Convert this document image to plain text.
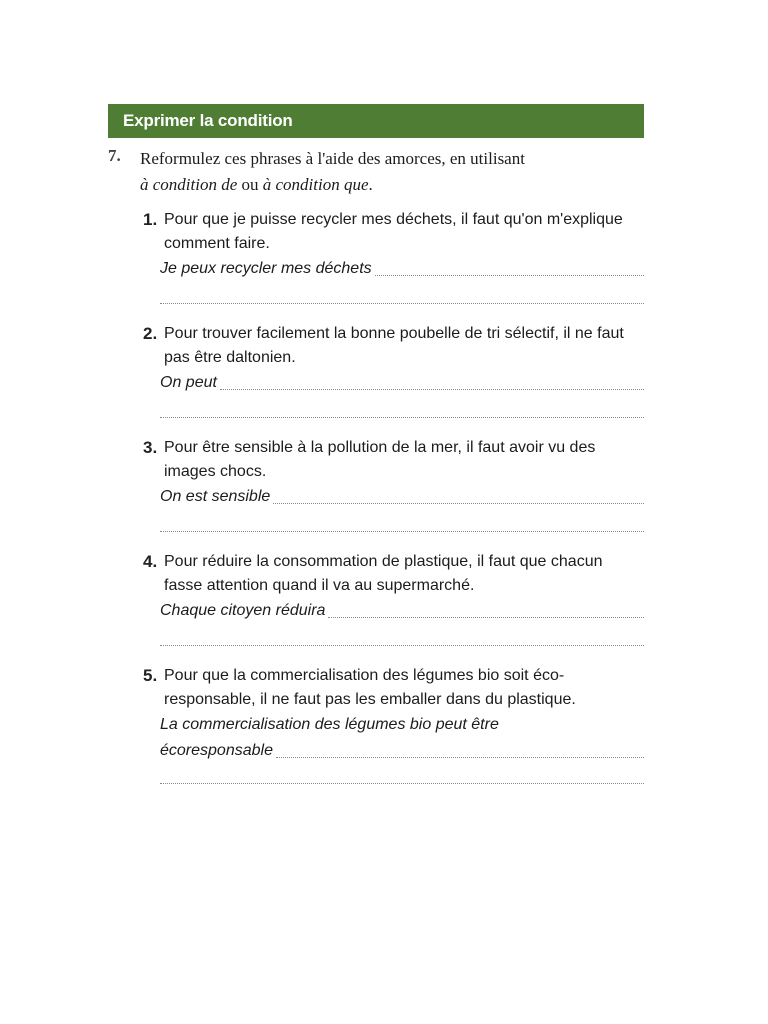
Exprimer la condition
7. Reformulez ces phrases à l'aide des amorces, en utilisant
à condition de ou à condition que.
1. Pour que je puisse recycler mes déchets, il faut qu'on m'explique comment faire.
Je peux recycler mes déchets
2. Pour trouver facilement la bonne poubelle de tri sélectif, il ne faut pas être daltonien.
On peut
3. Pour être sensible à la pollution de la mer, il faut avoir vu des images chocs.
On est sensible
4. Pour réduire la consommation de plastique, il faut que chacun fasse attention quand il va au supermarché.
Chaque citoyen réduira
5. Pour que la commercialisation des légumes bio soit éco-responsable, il ne faut pas les emballer dans du plastique.
La commercialisation des légumes bio peut être
écoresponsable
